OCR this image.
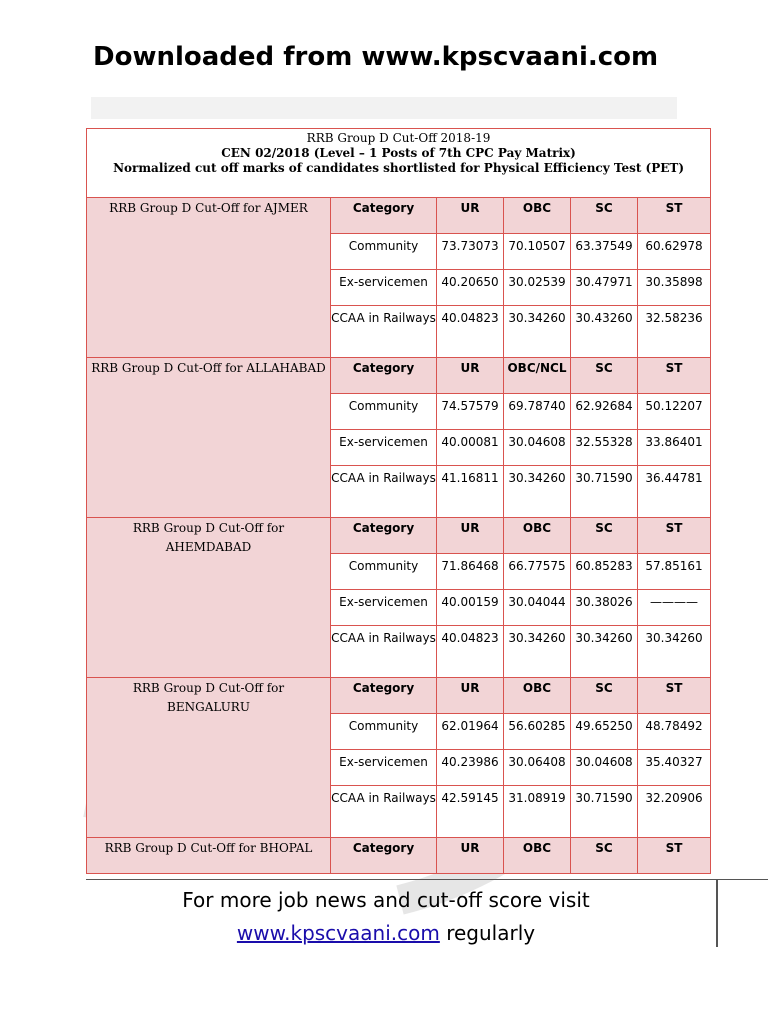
Downloaded from www.kpscvaani.com
RRB Group D Cut-Off 2018-19
CEN 02/2018 (Level – 1 Posts of 7th CPC Pay Matrix)
Normalized cut off marks of candidates shortlisted for Physical Efficiency Test (PET)					

RRB Group D Cut-Off for AJMER	Category	UR	OBC	SC	ST
	Community	73.73073	70.10507	63.37549	60.62978
	Ex-servicemen	40.20650	30.02539	30.47971	30.35898
	CCAA in Railways	40.04823	30.34260	30.43260	32.58236
RRB Group D Cut-Off for ALLAHABAD	Category	UR	OBC/NCL	SC	ST
	Community	74.57579	69.78740	62.92684	50.12207
	Ex-servicemen	40.00081	30.04608	32.55328	33.86401
	CCAA in Railways	41.16811	30.34260	30.71590	36.44781
RRB Group D Cut-Off for AHEMDABAD	Category	UR	OBC	SC	ST
	Community	71.86468	66.77575	60.85283	57.85161
	Ex-servicemen	40.00159	30.04044	30.38026	————
	CCAA in Railways	40.04823	30.34260	30.34260	30.34260
RRB Group D Cut-Off for BENGALURU	Category	UR	OBC	SC	ST
	Community	62.01964	56.60285	49.65250	48.78492
	Ex-servicemen	40.23986	30.06408	30.04608	35.40327
	CCAA in Railways	42.59145	31.08919	30.71590	32.20906
RRB Group D Cut-Off for BHOPAL	Category	UR	OBC	SC	ST
For more job news and cut-off score visit
www.kpscvaani.com regularly
